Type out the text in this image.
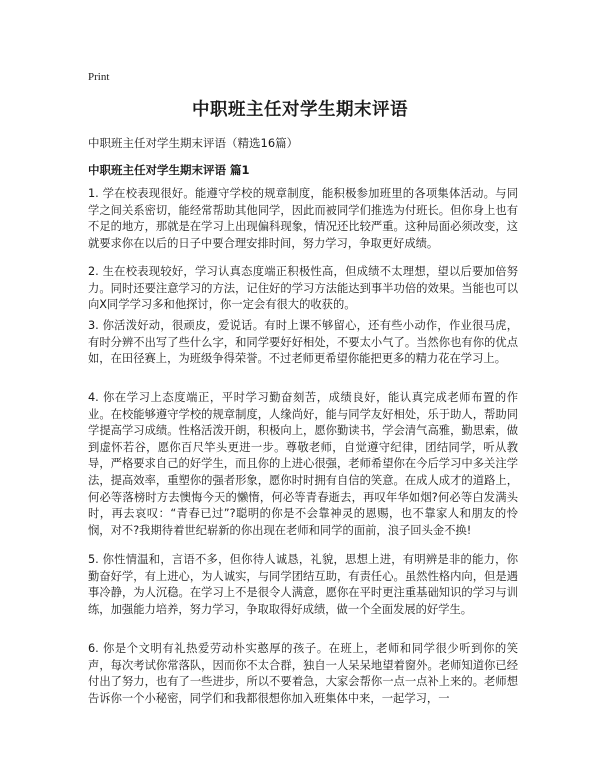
Print
中职班主任对学生期末评语
中职班主任对学生期末评语（精选16篇）
中职班主任对学生期末评语 篇1
1. 学在校表现很好。能遵守学校的规章制度，能积极参加班里的各项集体活动。与同学之间关系密切，能经常帮助其他同学，因此而被同学们推选为付班长。但你身上也有不足的地方，那就是在学习上出现偏科现象，情况还比较严重。这种局面必须改变，这就要求你在以后的日子中要合理安排时间，努力学习，争取更好成绩。
2. 生在校表现较好，学习认真态度端正积极性高，但成绩不太理想，望以后要加倍努力。同时还要注意学习的方法，记住好的学习方法能达到事半功倍的效果。当能也可以向X同学学习多和他探讨，你一定会有很大的收获的。
3. 你活泼好动，很顽皮，爱说话。有时上课不够留心，还有些小动作，作业很马虎，有时分辨不出写了些什么字，和同学要好好相处，不要太小气了。当然你也有你的优点如，在田径赛上，为班级争得荣誉。不过老师更希望你能把更多的精力花在学习上。
4. 你在学习上态度端正，平时学习勤奋刻苦，成绩良好，能认真完成老师布置的作业。在校能够遵守学校的规章制度，人缘尚好，能与同学友好相处，乐于助人，帮助同学提高学习成绩。性格活泼开朗，积极向上，愿你勤读书，学会清气高雅，勤思索，做到虚怀若谷，愿你百尺竿头更进一步。尊敬老师，自觉遵守纪律，团结同学，听从教导，严格要求自己的好学生，而且你的上进心很强，老师希望你在今后学习中多关注学法，提高效率，重塑你的强者形象，愿你时时拥有自信的笑意。在成人成才的道路上，何必等落榜时方去懊悔今天的懒惰，何必等青春逝去，再叹年华如烟?何必等白发满头时，再去哀叹：“青春已过”?聪明的你是不会靠神灵的恩赐，也不靠家人和朋友的怜悯，对不?我期待着世纪崭新的你出现在老师和同学的面前，浪子回头金不换!
5. 你性情温和，言语不多，但你待人诚恳，礼貌，思想上进，有明辨是非的能力，你勤奋好学，有上进心，为人诚实，与同学团结互助，有责任心。虽然性格内向，但是遇事冷静，为人沉稳。在学习上不是很令人满意，愿你在平时更注重基础知识的学习与训练，加强能力培养，努力学习，争取取得好成绩，做一个全面发展的好学生。
6. 你是个文明有礼热爱劳动朴实憨厚的孩子。在班上，老师和同学很少听到你的笑声，每次考试你常落队，因而你不太合群，独自一人呆呆地望着窗外。老师知道你已经付出了努力，也有了一些进步，所以不要着急，大家会帮你一点一点补上来的。老师想告诉你一个小秘密，同学们和我都很想你加入班集体中来，一起学习，一
